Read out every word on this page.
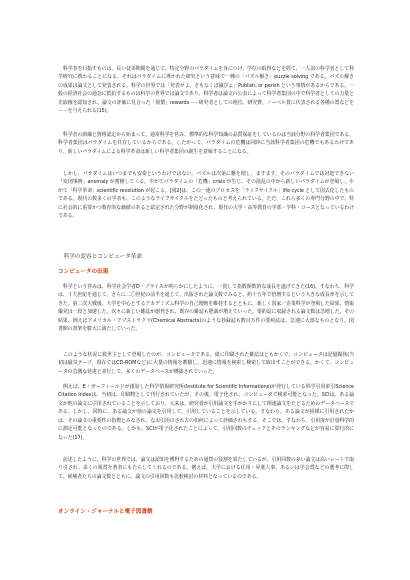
　科学者を目指すものは、長い徒弟期間を通じて、特定分野のパラダイムを身につけ、学位の取得などを經て、一人前の科学者として科学研究に携わることになる。それはパラダイムに導かれた研究という意味で一種の「パズル解き」puzzle solving である。パズル解きの成果は論文として発表される。科学の世界では「発表せよ、さもなくば滅びよ」Publish, or perish という事情があるからである。一般の経済社会の通念に抵抗するものは科学の世界では論文であり、科学者は論文の公表によって科学者集団の中で科学者としての力量と先取権を認知され、論文の評価に見合った「報償」rewards－－研究者としての地位、研究費、ノーベル賞に代表される各種の賞などを－－を与えられる(15)。

　科学者の訓練と資格認定から始まって、通常科学を営み、標準的な科学知識の品質保証をしているのは当該分野の科学者集団である。科学者集団はパラダイムを共有しているからである。したがって、パラダイムの危機は同時に当該科学者集団の危機でもあるわけであり、新しいパラダイムによる科学革命は新しい科学者集団の誕生を意味することになる。

　しかし、パラダイムはいつまでも安泰というわけではない。パズルは次第に難を増し、ますます、そのパラダイムでは対処できない「変則事例」anomaly が蓄積してくる。やがてパラダイムの「危機」crisis が生じ、その混乱の中から新しいパラダイムが登場し、やがて「科学革命」scientific revolution が起こる。[図2]は、この一連のプロセスを「ライフサイクル」life cycle として図式化したものである。現代の数多くの学者も、このようなライフサイクルをたどったものと考えられている。ただ、これら多くの専門分野の中で、特に社会的に重要かつ教育的な価値のあると認定された分野が制度化され、現代の大学・高等教育の学部・学科・コースとなっているわけである。

　科学の変容とコンピュータ革命

コンピュータの出現

　科学という営みは、科学社会学者D・プライスが明らかにしたように、一貫して指数関数的な成長を遂げてきた(16)。すなわち、科学は、十九世紀を通じて、さらに二〇世紀の前半を通じて、出版された論文数でみると、約十五年で倍増するという大きな成長率を示してきた。第二次大戦後、大学を中心とするアカデミズム科学の自己増殖を維持するとともに、新しく国家／企業科学が登場した結果、情報爆発は一段と加速した。次々に新しい雑誌が創刊され、既存の雑誌も肥満が増えていった。要約誌に収録される論文数は急増した。その結果、例えばアメリカル・アブストラクツ(Chemical Abstracts)のような抄録誌も数百万件の要約誌は、急速に大部なものとなり、図書館の書架を膨大に満たしていった。

　このような状況に救世主として登場したのが、コンピュータである。紙に印刷された雑誌はともかくで、コンピュータは記憶媒体(当初は磁気テープ、現在ではCD-ROMなど)に大量の情報を蓄積し、迅速に情報を検索し検索して取出すことができる。かくて、コンピュータの急激な発達と並行して、多くのデータベースが構築されていった。

　例えば、E・ガーフィールドが創設した科学情報研究所(Institute for Scientific Informations)が発行している科学引用索引Science Citation Indexは、当初は、印刷物として刊行されていたが、その後、電子化され、コンピュータで検索可能となった。SCIは、ある論文が他の論文に引用されていることを示しており、元来は、研究者が引用論文を手がかりにして関連論文をたどるためのデータベースである。しかし、同時に、ある論文が他の論文を引用して、引用していることを示している。すなわち、ある論文が同様に引用されたかは、その論文の重要性の指標とみなされ、なお引用のされ方の如何によって評価されもする。そこでは、すなわち、引用度が計量科学的に測定可能となったのである。しかも、SCIが電子化されたことによって、引用回数のチェックとそのランキングなどが容易に算行的になった(17)。

　前述したように、科学の世界では、論文は認知を獲得するための通貨の役割を果たしているが、引用回数の多い論文は高いレートで取り引され、多くの報賞を著者にもたらしてくれるのである。例えば、大学における任用・昇進人事、あるいは学会賞などの選考に際して、候補者たちの論文数とともに、論文の引用回数も比較検討の材料となっているのである。

オンライン・ジャーナルと電子図書館
